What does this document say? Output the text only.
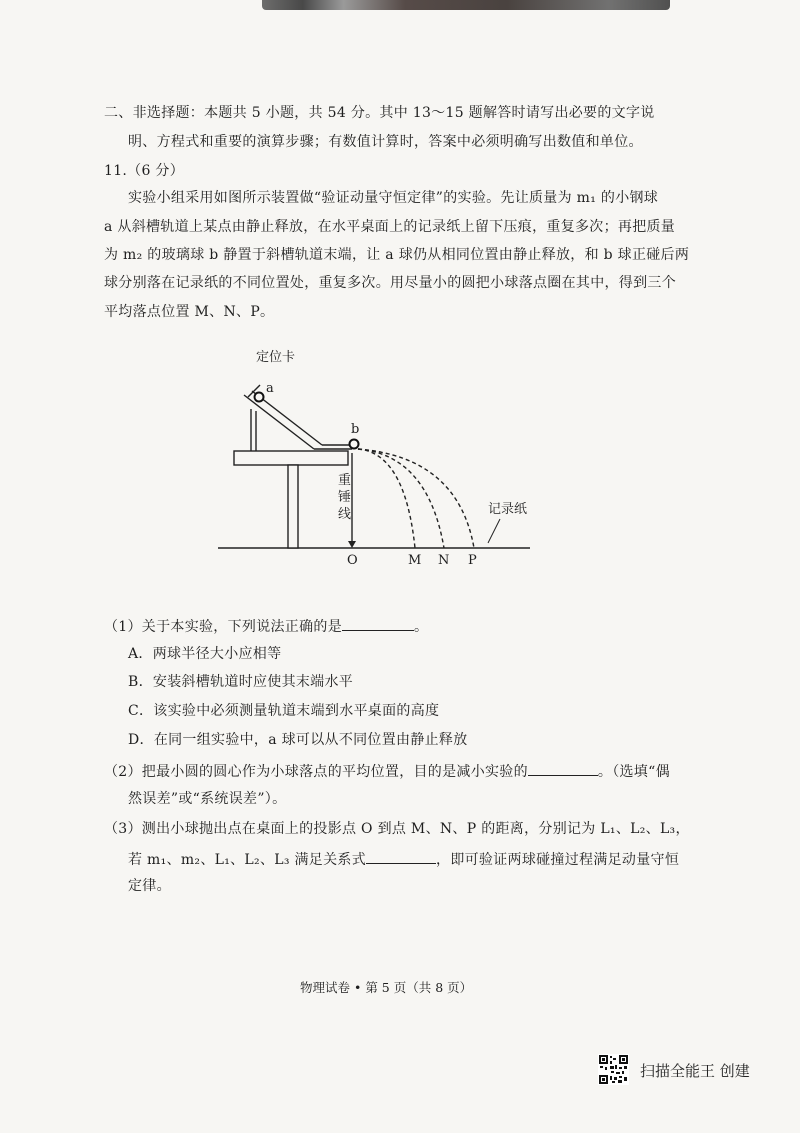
二、非选择题：本题共 5 小题，共 54 分。其中 13～15 题解答时请写出必要的文字说
明、方程式和重要的演算步骤；有数值计算时，答案中必须明确写出数值和单位。
11.（6 分）
实验小组采用如图所示装置做“验证动量守恒定律”的实验。先让质量为 m₁ 的小钢球
a 从斜槽轨道上某点由静止释放，在水平桌面上的记录纸上留下压痕，重复多次；再把质量
为 m₂ 的玻璃球 b 静置于斜槽轨道末端，让 a 球仍从相同位置由静止释放，和 b 球正碰后两
球分别落在记录纸的不同位置处，重复多次。用尽量小的圆把小球落点圈在其中，得到三个
平均落点位置 M、N、P。
定位卡
a
b
重
锤
线	记录纸
O	M N P
（1）关于本实验，下列说法正确的是	。
A．两球半径大小应相等
B．安装斜槽轨道时应使其末端水平
C．该实验中必须测量轨道末端到水平桌面的高度
D．在同一组实验中，a 球可以从不同位置由静止释放
（2）把最小圆的圆心作为小球落点的平均位置，目的是减小实验的	。（选填“偶
然误差”或“系统误差”）。
（3）测出小球抛出点在桌面上的投影点 O 到点 M、N、P 的距离，分别记为 L₁、L₂、L₃，
若 m₁、m₂、L₁、L₂、L₃ 满足关系式	，即可验证两球碰撞过程满足动量守恒
定律。
物理试卷 • 第 5 页（共 8 页）
扫描全能王 创建
